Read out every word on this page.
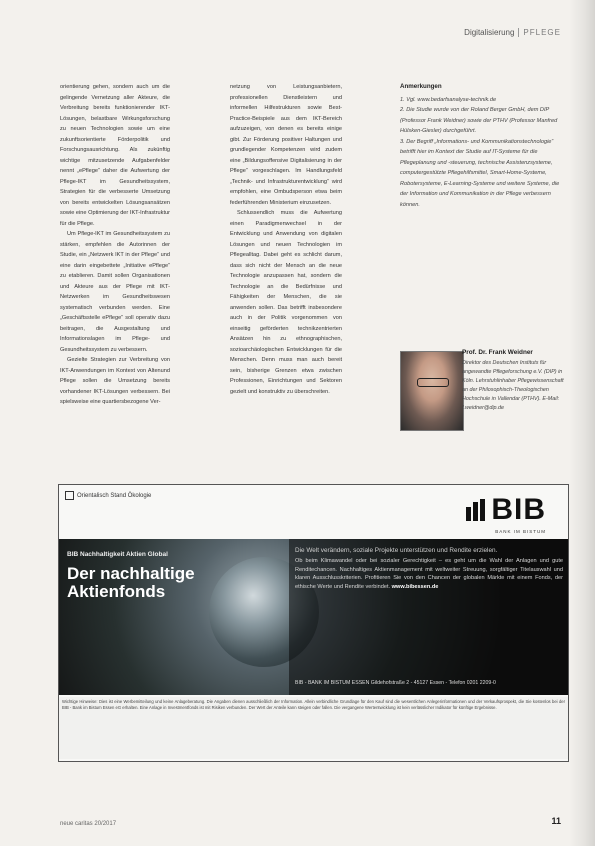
Digitalisierung PFLEGE

orientierung gehen, sondern auch um die gelingende Vernetzung aller Akteure, die Verbreitung bereits funktionierender IKT-Lösungen, belastbare Wirkungsforschung zu neuen Technologien sowie um eine zukunftsorientierte Förderpolitik und Forschungsausrichtung. Als zukünftig wichtige mitzusetzende Aufgabenfelder nennt „ePflege“ daher die Aufwertung der Pflege-IKT im Gesundheitssystem, Strategien für die verbesserte Umsetzung von bereits entwickelten Lösungsansätzen sowie eine Optimierung der IKT-Infrastruktur für die Pflege.

Um Pflege-IKT im Gesundheitssystem zu stärken, empfehlen die Autorinnen der Studie, ein „Netzwerk IKT in der Pflege“ und eine darin eingebettete „Initiative ePflege“ zu etablieren. Damit sollen Organisationen und Akteure aus der Pflege mit IKT-Netzwerken im Gesundheitswesen systematisch verbunden werden. Eine „Geschäftsstelle ePflege“ soll operativ dazu beitragen, die Ausgestaltung und Informationslagen im Pflege- und Gesundheitssystem zu verbessern.

Gezielte Strategien zur Verbreitung von IKT-Anwendungen im Kontext von Altenund Pflege sollen die Umsetzung bereits vorhandener IKT-Lösungen verbessern. Bei spielsweise eine quartiersbezogene Ver-

netzung von Leistungsanbietern, professionellen Dienstleistern und informellen Hilfestrukturen sowie Best-Practice-Beispiele aus dem IKT-Bereich aufzuzeigen, von denen es bereits einige gibt. Zur Förderung positiver Haltungen und grundlegender Kompetenzen wird zudem eine „Bildungsoffensive Digitalisierung in der Pflege“ vorgeschlagen. Im Handlungsfeld „Technik- und Infrastrukturentwicklung“ wird empfohlen, eine Ombudsperson etwa beim federführenden Ministerium einzusetzen.

Schlussendlich muss die Aufwertung einen Paradigmenwechsel in der Entwicklung und Anwendung von digitalen Lösungen und neuen Technologien im Pflegealltag. Dabei geht es schlicht darum, dass sich nicht der Mensch an die neue Technologie anzupassen hat, sondern die Technologie an die Bedürfnisse und Fähigkeiten der Menschen, die sie anwenden sollen. Das betrifft insbesondere auch in der Politik vorgenommen von einseitig geförderten technikzentrierten Ansätzen hin zu ethnographischen, sozioarchäologischen Entwicklungen für die Menschen. Denn muss man auch bereit sein, bisherige Grenzen etwa zwischen Professionen, Einrichtungen und Sektoren gezielt und konstruktiv zu überschreiten.

Anmerkungen

1. Vgl. www.bedarfsanalyse-technik.de

2. Die Studie wurde von der Roland Berger GmbH, dem DIP (Professor Frank Weidner) sowie der PTHV (Professor Manfred Hülsken-Giesler) durchgeführt.

3. Der Begriff „Informations- und Kommunikationstechnologie“ betrifft hier im Kontext der Studie auf IT-Systeme für die Pflegeplanung und -steuerung, technische Assistenzsysteme, computergestützte Pflegehilfsmittel, Smart-Home-Systeme, Robotersysteme, E-Learning-Systeme und weitere Systeme, die der Information und Kommunikation in der Pflege verbessern können.

Prof. Dr. Frank Weidner
Direktor des Deutschen Instituts für angewandte Pflegeforschung e.V. (DIP) in Köln. Lehrstuhlinhaber Pflegewissenschaft an der Philosophisch-Theologischen Hochschule in Vallendar (PTHV). E-Mail: f.weidner@dip.de
Orientalisch Stand Ökologie	BIB
BANK IM BISTUM
BIB Nachhaltigkeit Aktien Global
Der nachhaltige
Aktienfonds
Die Welt verändern, soziale Projekte unterstützen und Rendite erzielen.
Ob beim Klimawandel oder bei sozialer Gerechtigkeit – es geht um die Wahl der Anlagen und gute Renditechancen. Nachhaltiges Aktienmanagement mit weltweiter Streuung, sorgfältiger Titelauswahl und klaren Ausschlusskriterien. Profitieren Sie von den Chancen der globalen Märkte mit einem Fonds, der ethische Werte und Rendite verbindet. www.bibessen.de
BIB - BANK IM BISTUM ESSEN Gildehofstraße 2 - 45127 Essen - Telefon 0201 2209-0
Wichtige Hinweise: Dies ist eine Werbemitteilung und keine Anlageberatung. Die Angaben dienen ausschließlich der Information. Allein verbindliche Grundlage für den Kauf sind die wesentlichen Anlegerinformationen und der Verkaufsprospekt, die Sie kostenlos bei der BIB - Bank im Bistum Essen eG erhalten. Eine Anlage in Investmentfonds ist mit Risiken verbunden. Der Wert der Anteile kann steigen oder fallen. Die vergangene Wertentwicklung ist kein verlässlicher Indikator für künftige Ergebnisse.
neue caritas 20/2017	11
